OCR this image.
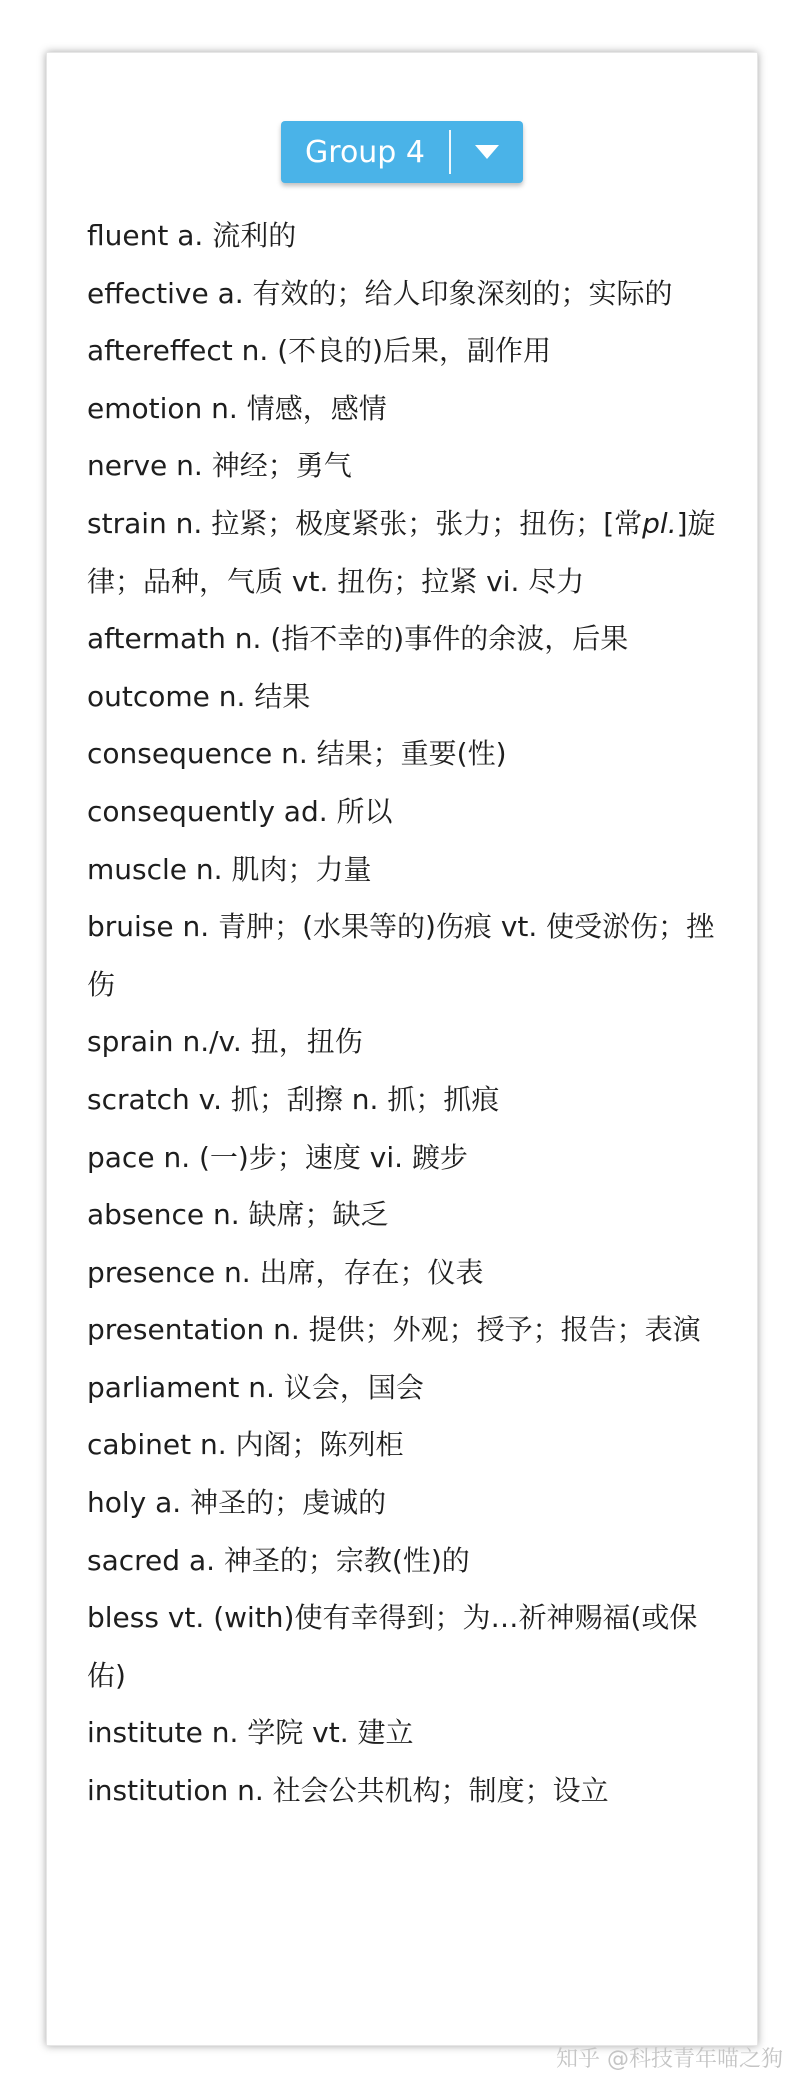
Group 4
fluent a. 流利的
effective a. 有效的；给人印象深刻的；实际的
aftereffect n. (不良的)后果，副作用
emotion n. 情感，感情
nerve n. 神经；勇气
strain n. 拉紧；极度紧张；张力；扭伤；[常pl.]旋律；品种，气质 vt. 扭伤；拉紧 vi. 尽力
aftermath n. (指不幸的)事件的余波，后果
outcome n. 结果
consequence n. 结果；重要(性)
consequently ad. 所以
muscle n. 肌肉；力量
bruise n. 青肿；(水果等的)伤痕 vt. 使受淤伤；挫伤
sprain n./v. 扭，扭伤
scratch v. 抓；刮擦 n. 抓；抓痕
pace n. (一)步；速度 vi. 踱步
absence n. 缺席；缺乏
presence n. 出席，存在；仪表
presentation n. 提供；外观；授予；报告；表演
parliament n. 议会，国会
cabinet n. 内阁；陈列柜
holy a. 神圣的；虔诚的
sacred a. 神圣的；宗教(性)的
bless vt. (with)使有幸得到；为…祈神赐福(或保佑)
institute n. 学院 vt. 建立
institution n. 社会公共机构；制度；设立
知乎 @科技青年喵之狗
